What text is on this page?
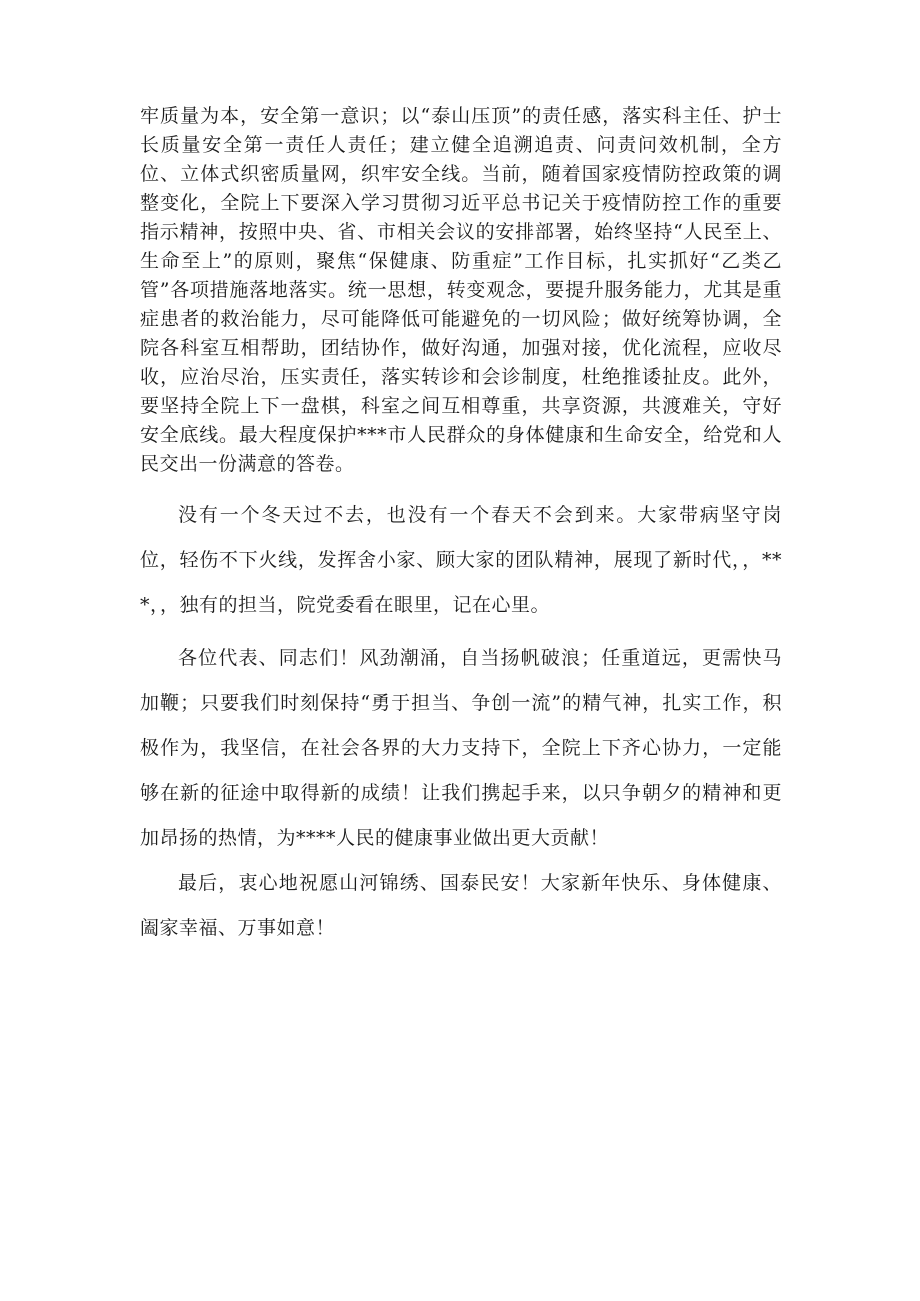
牢质量为本，安全第一意识；以“泰山压顶”的责任感，落实科主任、护士长质量安全第一责任人责任；建立健全追溯追责、问责问效机制，全方位、立体式织密质量网，织牢安全线。当前，随着国家疫情防控政策的调整变化，全院上下要深入学习贯彻习近平总书记关于疫情防控工作的重要指示精神，按照中央、省、市相关会议的安排部署，始终坚持“人民至上、生命至上”的原则，聚焦“保健康、防重症”工作目标，扎实抓好“乙类乙管”各项措施落地落实。统一思想，转变观念，要提升服务能力，尤其是重症患者的救治能力，尽可能降低可能避免的一切风险；做好统筹协调，全院各科室互相帮助，团结协作，做好沟通，加强对接，优化流程，应收尽收，应治尽治，压实责任，落实转诊和会诊制度，杜绝推诿扯皮。此外，要坚持全院上下一盘棋，科室之间互相尊重，共享资源，共渡难关，守好安全底线。最大程度保护***市人民群众的身体健康和生命安全，给党和人民交出一份满意的答卷。

没有一个冬天过不去，也没有一个春天不会到来。大家带病坚守岗位，轻伤不下火线，发挥舍小家、顾大家的团队精神，展现了新时代，，***，，独有的担当，院党委看在眼里，记在心里。

各位代表、同志们！风劲潮涌，自当扬帆破浪；任重道远，更需快马加鞭；只要我们时刻保持“勇于担当、争创一流”的精气神，扎实工作，积极作为，我坚信，在社会各界的大力支持下，全院上下齐心协力，一定能够在新的征途中取得新的成绩！让我们携起手来，以只争朝夕的精神和更加昂扬的热情，为****人民的健康事业做出更大贡献！

最后，衷心地祝愿山河锦绣、国泰民安！大家新年快乐、身体健康、阖家幸福、万事如意！
